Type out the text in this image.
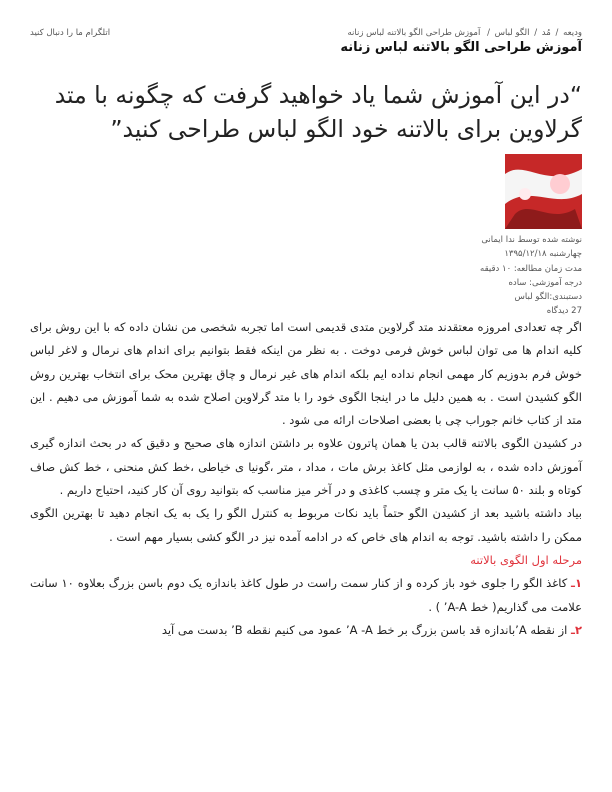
ودیعه / مُد / الگو لباس / آموزش طراحی الگو بالاتنه لباس زنانه
اتلگرام ما را دنبال کنید
آموزش طراحی الگو بالاتنه لباس زنانه
“در این آموزش شما یاد خواهید گرفت که چگونه با متد گرلاوین برای بالاتنه خود الگو لباس طراحی کنید”
نوشته شده توسط ندا ایمانی
چهارشنبه ۱۳۹۵/۱۲/۱۸
مدت زمان مطالعه: ۱۰ دقیقه
درجه آموزشی: ساده
دستبندی:الگو لباس
27 دیدگاه

اگر چه تعدادی امروزه معتقدند متد گرلاوین متدی قدیمی است اما تجربه شخصی من نشان داده که با این روش برای کلیه اندام ها می توان لباس خوش فرمی دوخت . به نظر من اینکه فقط بتوانیم برای اندام های نرمال و لاغر لباس خوش فرم بدوزیم کار مهمی انجام نداده ایم بلکه اندام های غیر نرمال و چاق بهترین محک برای انتخاب بهترین روش الگو کشیدن است . به همین دلیل ما در اینجا الگوی خود را با متد گرلاوین اصلاح شده به شما آموزش می دهیم . این متد از کتاب خانم جوراب چی با بعضی اصلاحات ارائه می شود .

در کشیدن الگوی بالاتنه قالب بدن یا همان پاترون علاوه بر داشتن اندازه های صحیح و دقیق که در بحث اندازه گیری آموزش داده شده ، به لوازمی مثل کاغذ برش مات ، مداد ، متر ،گونیا ی خیاطی ،خط کش منحنی ، خط کش صاف کوتاه و بلند ۵۰ سانت یا یک متر و چسب کاغذی و در آخر میز مناسب که بتوانید روی آن کار کنید، احتیاج داریم .

بیاد داشته باشید بعد از کشیدن الگو حتماً باید نکات مربوط به کنترل الگو را یک به یک انجام دهید تا بهترین الگوی ممکن را داشته باشید. توجه به اندام های خاص که در ادامه آمده نیز در الگو کشی بسیار مهم است .

مرحله اول الگوی بالاتنه

۱ـ کاغذ الگو را جلوی خود باز کرده و از کنار سمت راست در طول کاغذ باندازه یک دوم باسن بزرگ بعلاوه ۱۰ سانت علامت می گذاریم( خط A-A’ ) .

۲ـ از نقطه A’باندازه قد باسن بزرگ بر خط A -A’ عمود می کنیم نقطه B’ بدست می آید
